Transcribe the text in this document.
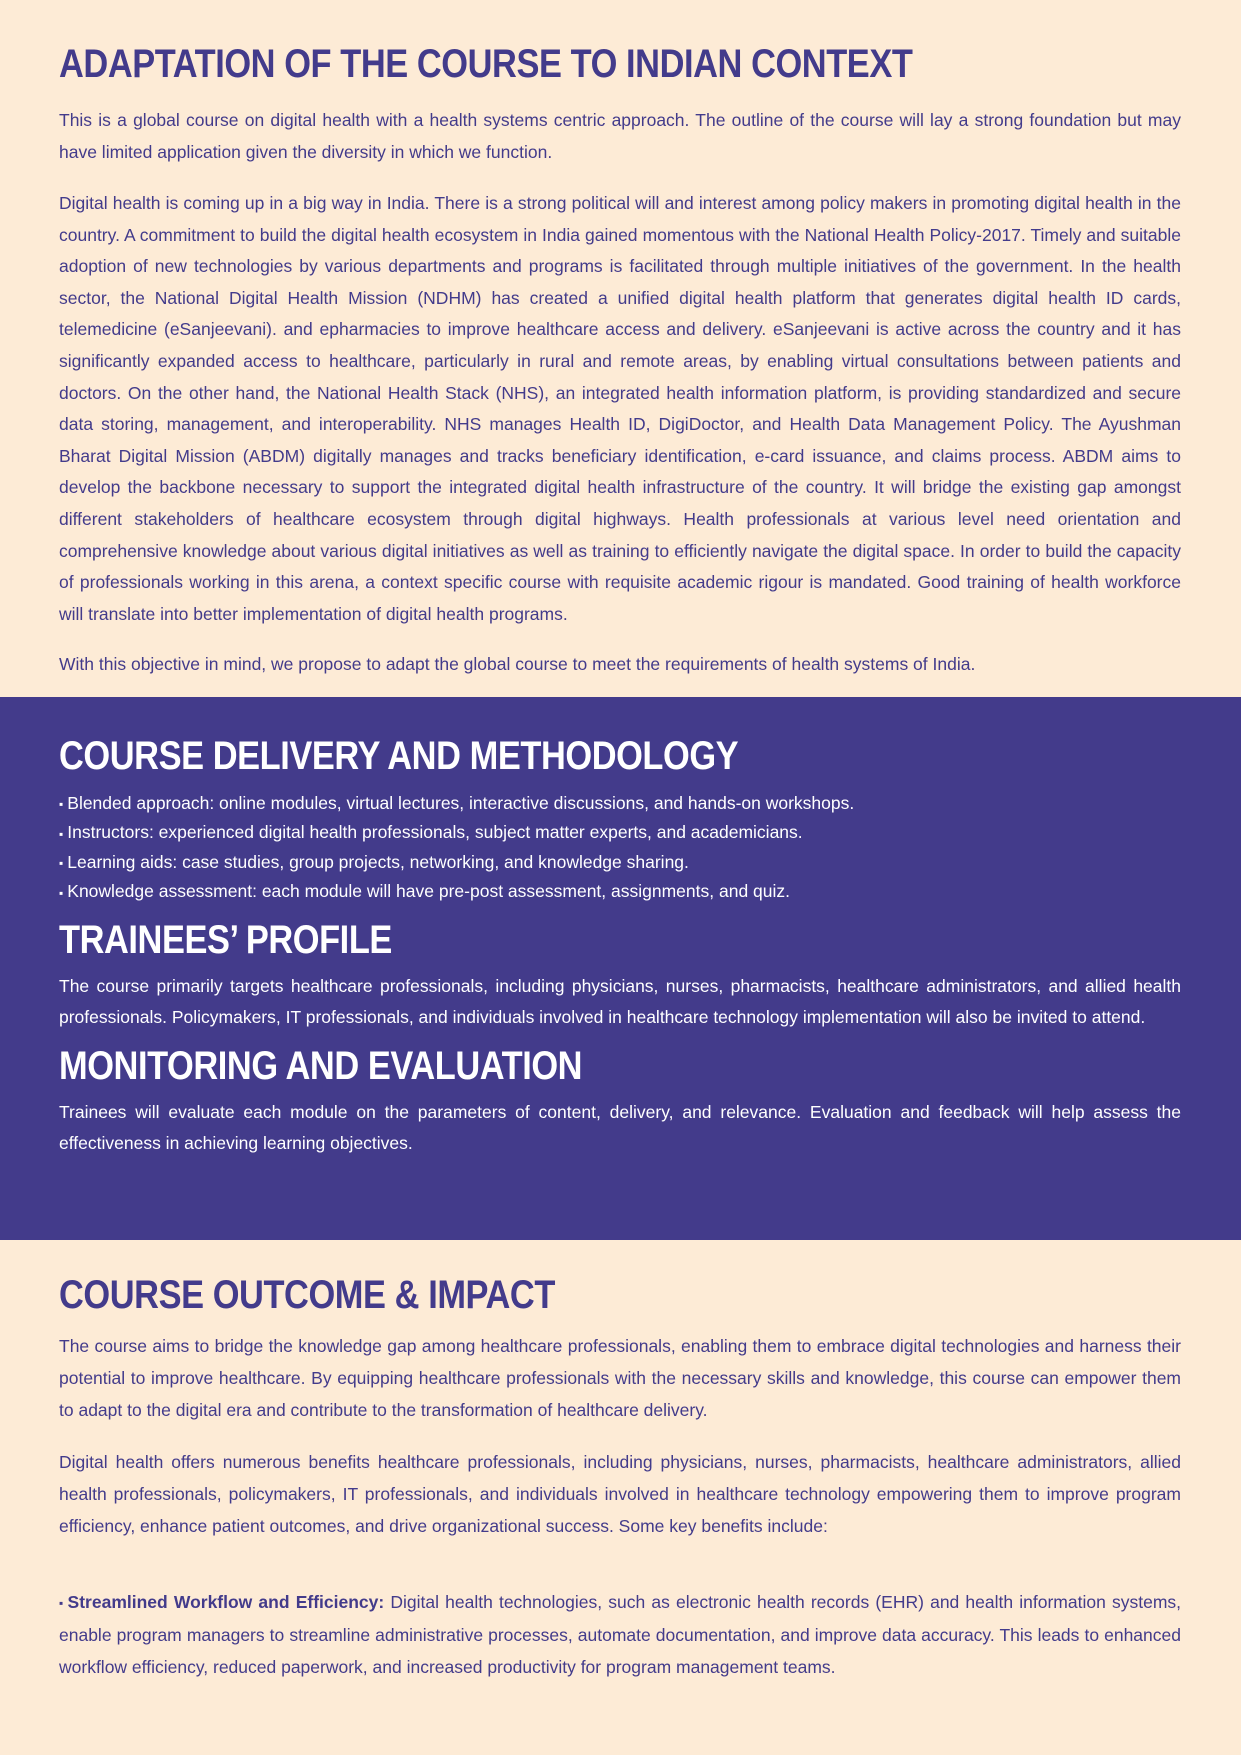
ADAPTATION OF THE COURSE TO INDIAN CONTEXT

This is a global course on digital health with a health systems centric approach. The outline of the course will lay a strong foundation but may have limited application given the diversity in which we function.

Digital health is coming up in a big way in India. There is a strong political will and interest among policy makers in promoting digital health in the country. A commitment to build the digital health ecosystem in India gained momentous with the National Health Policy-2017. Timely and suitable adoption of new technologies by various departments and programs is facilitated through multiple initiatives of the government. In the health sector, the National Digital Health Mission (NDHM) has created a unified digital health platform that generates digital health ID cards, telemedicine (eSanjeevani). and epharmacies to improve healthcare access and delivery. eSanjeevani is active across the country and it has significantly expanded access to healthcare, particularly in rural and remote areas, by enabling virtual consultations between patients and doctors. On the other hand, the National Health Stack (NHS), an integrated health information platform, is providing standardized and secure data storing, management, and interoperability. NHS manages Health ID, DigiDoctor, and Health Data Management Policy. The Ayushman Bharat Digital Mission (ABDM) digitally manages and tracks beneficiary identification, e-card issuance, and claims process. ABDM aims to develop the backbone necessary to support the integrated digital health infrastructure of the country. It will bridge the existing gap amongst different stakeholders of healthcare ecosystem through digital highways. Health professionals at various level need orientation and comprehensive knowledge about various digital initiatives as well as training to efficiently navigate the digital space. In order to build the capacity of professionals working in this arena, a context specific course with requisite academic rigour is mandated. Good training of health workforce will translate into better implementation of digital health programs.

With this objective in mind, we propose to adapt the global course to meet the requirements of health systems of India.

COURSE DELIVERY AND METHODOLOGY
▪ Blended approach: online modules, virtual lectures, interactive discussions, and hands-on workshops.
▪ Instructors: experienced digital health professionals, subject matter experts, and academicians.
▪ Learning aids: case studies, group projects, networking, and knowledge sharing.
▪ Knowledge assessment: each module will have pre-post assessment, assignments, and quiz.
TRAINEES’ PROFILE

The course primarily targets healthcare professionals, including physicians, nurses, pharmacists, healthcare administrators, and allied health professionals. Policymakers, IT professionals, and individuals involved in healthcare technology implementation will also be invited to attend.

MONITORING AND EVALUATION

Trainees will evaluate each module on the parameters of content, delivery, and relevance. Evaluation and feedback will help assess the effectiveness in achieving learning objectives.

COURSE OUTCOME & IMPACT

The course aims to bridge the knowledge gap among healthcare professionals, enabling them to embrace digital technologies and harness their potential to improve healthcare. By equipping healthcare professionals with the necessary skills and knowledge, this course can empower them to adapt to the digital era and contribute to the transformation of healthcare delivery.

Digital health offers numerous benefits healthcare professionals, including physicians, nurses, pharmacists, healthcare administrators, allied health professionals, policymakers, IT professionals, and individuals involved in healthcare technology empowering them to improve program efficiency, enhance patient outcomes, and drive organizational success. Some key benefits include:

▪ Streamlined Workflow and Efficiency: Digital health technologies, such as electronic health records (EHR) and health information systems, enable program managers to streamline administrative processes, automate documentation, and improve data accuracy. This leads to enhanced workflow efficiency, reduced paperwork, and increased productivity for program management teams.
